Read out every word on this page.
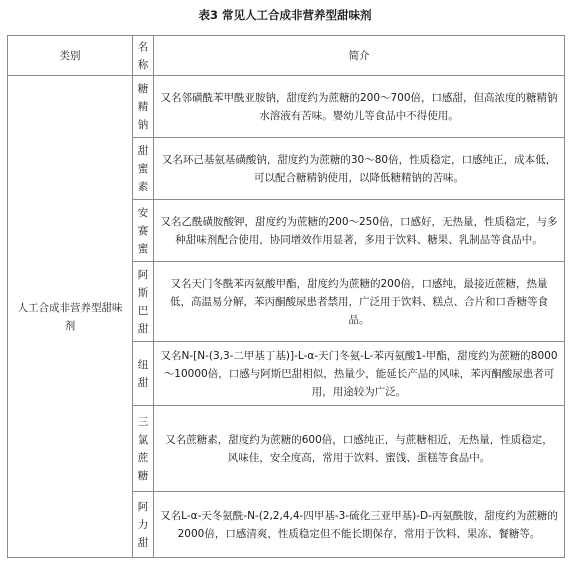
表3 常见人工合成非营养型甜味剂
类别	名称	简介
人工合成非营养型甜味剂	糖精钠	又名邻磺酰苯甲酰亚胺钠，甜度约为蔗糖的200～700倍，口感甜，但高浓度的糖精钠水溶液有苦味。婴幼儿等食品中不得使用。
	甜蜜素	又名环己基氨基磺酸钠，甜度约为蔗糖的30～80倍，性质稳定，口感纯正，成本低，可以配合糖精钠使用，以降低糖精钠的苦味。
	安赛蜜	又名乙酰磺胺酸钾，甜度约为蔗糖的200～250倍，口感好，无热量，性质稳定，与多种甜味剂配合使用，协同增效作用显著，多用于饮料、糖果、乳制品等食品中。
	阿斯巴甜	又名天门冬酰苯丙氨酸甲酯，甜度约为蔗糖的200倍，口感纯，最接近蔗糖，热量低，高温易分解，苯丙酮酸尿患者禁用，广泛用于饮料、糕点、合片和口香糖等食品。
	纽甜	又名N-[N-(3,3-二甲基丁基)]-L-α-天门冬氨-L-苯丙氨酸1-甲酯，甜度约为蔗糖的8000～10000倍，口感与阿斯巴甜相似，热量少，能延长产品的风味，苯丙酮酸尿患者可用，用途较为广泛。
	三氯蔗糖	又名蔗糖素，甜度约为蔗糖的600倍，口感纯正，与蔗糖相近，无热量，性质稳定，风味佳，安全度高，常用于饮料、蜜饯、蛋糕等食品中。
	阿力甜	又名L-α-天冬氨酰-N-(2,2,4,4-四甲基-3-硫化三亚甲基)-D-丙氨酰胺，甜度约为蔗糖的2000倍，口感清爽，性质稳定但不能长期保存，常用于饮料、果冻、餐糖等。
